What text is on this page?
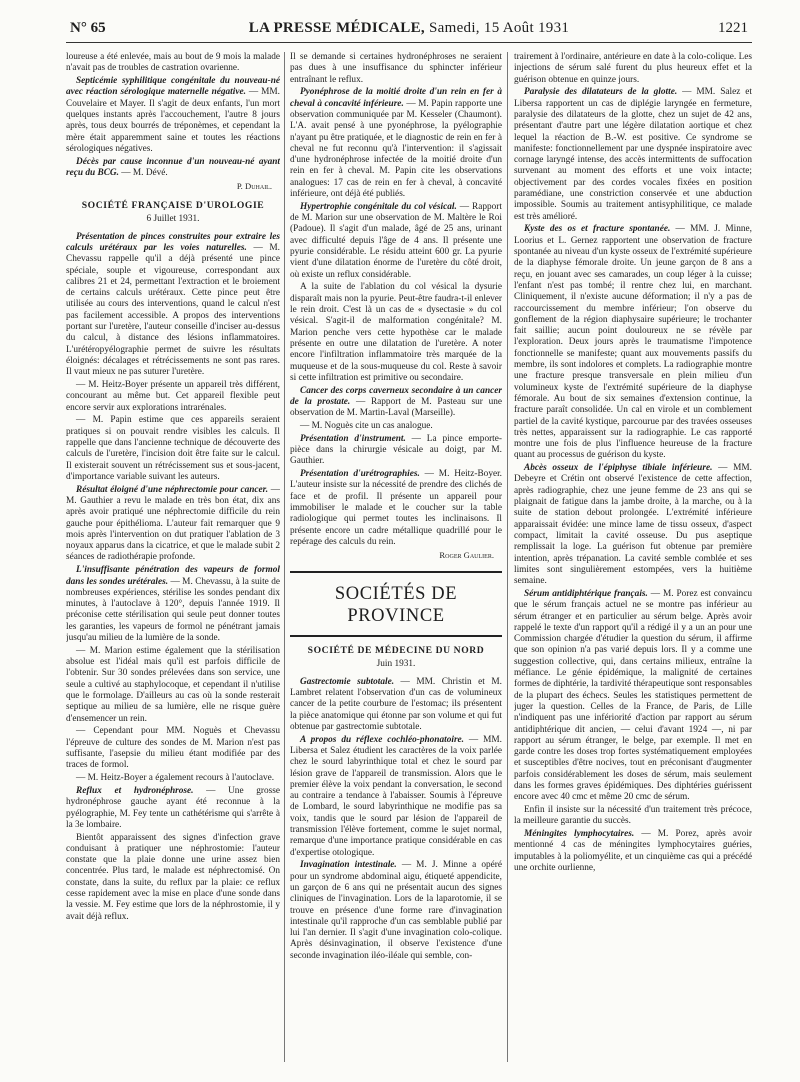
N° 65	LA PRESSE MÉDICALE, Samedi, 15 Août 1931	1221

loureuse a été enlevée, mais au bout de 9 mois la malade n'avait pas de troubles de castration ovarienne.

Septicémie syphilitique congénitale du nouveau-né avec réaction sérologique maternelle négative. — MM. Couvelaire et Mayer. Il s'agit de deux enfants, l'un mort quelques instants après l'accouchement, l'autre 8 jours après, tous deux bourrés de tréponèmes, et cependant la mère était apparemment saine et toutes les réactions sérologiques négatives.

Décès par cause inconnue d'un nouveau-né ayant reçu du BCG. — M. Dévé.

P. Duhail.
SOCIÉTÉ FRANÇAISE D'UROLOGIE
6 Juillet 1931.

Présentation de pinces construites pour extraire les calculs urétéraux par les voies naturelles. — M. Chevassu rappelle qu'il a déjà présenté une pince spéciale, souple et vigoureuse, correspondant aux calibres 21 et 24, permettant l'extraction et le broiement de certains calculs urétéraux. Cette pince peut être utilisée au cours des interventions, quand le calcul n'est pas facilement accessible. A propos des interventions portant sur l'uretère, l'auteur conseille d'inciser au-dessus du calcul, à distance des lésions inflammatoires. L'urétéropyélographie permet de suivre les résultats éloignés: décalages et rétrécissements ne sont pas rares. Il vaut mieux ne pas suturer l'uretère.

— M. Heitz-Boyer présente un appareil très différent, concourant au même but. Cet appareil flexible peut encore servir aux explorations intrarénales.

— M. Papin estime que ces appareils seraient pratiques si on pouvait rendre visibles les calculs. Il rappelle que dans l'ancienne technique de découverte des calculs de l'uretère, l'incision doit être faite sur le calcul. Il existerait souvent un rétrécissement sus et sous-jacent, d'importance variable suivant les auteurs.

Résultat éloigné d'une néphrectomie pour cancer. — M. Gauthier a revu le malade en très bon état, dix ans après avoir pratiqué une néphrectomie difficile du rein gauche pour épithélioma. L'auteur fait remarquer que 9 mois après l'intervention on dut pratiquer l'ablation de 3 noyaux apparus dans la cicatrice, et que le malade subit 2 séances de radiothérapie profonde.

L'insuffisante pénétration des vapeurs de formol dans les sondes urétérales. — M. Chevassu, à la suite de nombreuses expériences, stérilise les sondes pendant dix minutes, à l'autoclave à 120°, depuis l'année 1919. Il préconise cette stérilisation qui seule peut donner toutes les garanties, les vapeurs de formol ne pénétrant jamais jusqu'au milieu de la lumière de la sonde.

— M. Marion estime également que la stérilisation absolue est l'idéal mais qu'il est parfois difficile de l'obtenir. Sur 30 sondes prélevées dans son service, une seule a cultivé au staphylocoque, et cependant il n'utilise que le formolage. D'ailleurs au cas où la sonde resterait septique au milieu de sa lumière, elle ne risque guère d'ensemencer un rein.

— Cependant pour MM. Noguès et Chevassu l'épreuve de culture des sondes de M. Marion n'est pas suffisante, l'asepsie du milieu étant modifiée par des traces de formol.

— M. Heitz-Boyer a également recours à l'autoclave.

Reflux et hydronéphrose. — Une grosse hydronéphrose gauche ayant été reconnue à la pyélographie, M. Fey tente un cathétérisme qui s'arrête à la 3e lombaire.

Bientôt apparaissent des signes d'infection grave conduisant à pratiquer une néphrostomie: l'auteur constate que la plaie donne une urine assez bien concentrée. Plus tard, le malade est néphrectomisé. On constate, dans la suite, du reflux par la plaie: ce reflux cesse rapidement avec la mise en place d'une sonde dans la vessie. M. Fey estime que lors de la néphrostomie, il y avait déjà reflux.

Il se demande si certaines hydronéphroses ne seraient pas dues à une insuffisance du sphincter inférieur entraînant le reflux.

Pyonéphrose de la moitié droite d'un rein en fer à cheval à concavité inférieure. — M. Papin rapporte une observation communiquée par M. Kesseler (Chaumont). L'A. avait pensé à une pyonéphrose, la pyélographie n'ayant pu être pratiquée, et le diagnostic de rein en fer à cheval ne fut reconnu qu'à l'intervention: il s'agissait d'une hydronéphrose infectée de la moitié droite d'un rein en fer à cheval. M. Papin cite les observations analogues: 17 cas de rein en fer à cheval, à concavité inférieure, ont déjà été publiés.

Hypertrophie congénitale du col vésical. — Rapport de M. Marion sur une observation de M. Maltère le Roi (Padoue). Il s'agit d'un malade, âgé de 25 ans, urinant avec difficulté depuis l'âge de 4 ans. Il présente une pyurie considérable. Le résidu atteint 600 gr. La pyurie vient d'une dilatation énorme de l'uretère du côté droit, où existe un reflux considérable.

A la suite de l'ablation du col vésical la dysurie disparaît mais non la pyurie. Peut-être faudra-t-il enlever le rein droit. C'est là un cas de « dysectasie » du col vésical. S'agit-il de malformation congénitale? M. Marion penche vers cette hypothèse car le malade présente en outre une dilatation de l'uretère. A noter encore l'infiltration inflammatoire très marquée de la muqueuse et de la sous-muqueuse du col. Reste à savoir si cette infiltration est primitive ou secondaire.

Cancer des corps caverneux secondaire à un cancer de la prostate. — Rapport de M. Pasteau sur une observation de M. Martin-Laval (Marseille).

— M. Noguès cite un cas analogue.

Présentation d'instrument. — La pince emporte-pièce dans la chirurgie vésicale au doigt, par M. Gauthier.

Présentation d'urétrographies. — M. Heitz-Boyer. L'auteur insiste sur la nécessité de prendre des clichés de face et de profil. Il présente un appareil pour immobiliser le malade et le coucher sur la table radiologique qui permet toutes les inclinaisons. Il présente encore un cadre métallique quadrillé pour le repérage des calculs du rein.

Roger Gaulier.
SOCIÉTÉS DE PROVINCE
SOCIÉTÉ DE MÉDECINE DU NORD
Juin 1931.

Gastrectomie subtotale. — MM. Christin et M. Lambret relatent l'observation d'un cas de volumineux cancer de la petite courbure de l'estomac; ils présentent la pièce anatomique qui étonne par son volume et qui fut obtenue par gastrectomie subtotale.

A propos du réflexe cochléo-phonatoire. — MM. Libersa et Salez étudient les caractères de la voix parlée chez le sourd labyrinthique total et chez le sourd par lésion grave de l'appareil de transmission. Alors que le premier élève la voix pendant la conversation, le second au contraire a tendance à l'abaisser. Soumis à l'épreuve de Lombard, le sourd labyrinthique ne modifie pas sa voix, tandis que le sourd par lésion de l'appareil de transmission l'élève fortement, comme le sujet normal, remarque d'une importance pratique considérable en cas d'expertise otologique.

Invagination intestinale. — M. J. Minne a opéré pour un syndrome abdominal aigu, étiqueté appendicite, un garçon de 6 ans qui ne présentait aucun des signes cliniques de l'invagination. Lors de la laparotomie, il se trouve en présence d'une forme rare d'invagination intestinale qu'il rapproche d'un cas semblable publié par lui l'an dernier. Il s'agit d'une invagination colo-colique. Après désinvagination, il observe l'existence d'une seconde invagination iléo-iléale qui semble, con-

trairement à l'ordinaire, antérieure en date à la colo-colique. Les injections de sérum salé furent du plus heureux effet et la guérison obtenue en quinze jours.

Paralysie des dilatateurs de la glotte. — MM. Salez et Libersa rapportent un cas de diplégie laryngée en fermeture, paralysie des dilatateurs de la glotte, chez un sujet de 42 ans, présentant d'autre part une légère dilatation aortique et chez lequel la réaction de B.-W. est positive. Ce syndrome se manifeste: fonctionnellement par une dyspnée inspiratoire avec cornage laryngé intense, des accès intermittents de suffocation survenant au moment des efforts et une voix intacte; objectivement par des cordes vocales fixées en position paramédiane, une constriction conservée et une abduction impossible. Soumis au traitement antisyphilitique, ce malade est très amélioré.

Kyste des os et fracture spontanée. — MM. J. Minne, Loorius et L. Gernez rapportent une observation de fracture spontanée au niveau d'un kyste osseux de l'extrémité supérieure de la diaphyse fémorale droite. Un jeune garçon de 8 ans a reçu, en jouant avec ses camarades, un coup léger à la cuisse; l'enfant n'est pas tombé; il rentre chez lui, en marchant. Cliniquement, il n'existe aucune déformation; il n'y a pas de raccourcissement du membre inférieur; l'on observe du gonflement de la région diaphysaire supérieure; le trochanter fait saillie; aucun point douloureux ne se révèle par l'exploration. Deux jours après le traumatisme l'impotence fonctionnelle se manifeste; quant aux mouvements passifs du membre, ils sont indolores et complets. La radiographie montre une fracture presque transversale en plein milieu d'un volumineux kyste de l'extrémité supérieure de la diaphyse fémorale. Au bout de six semaines d'extension continue, la fracture paraît consolidée. Un cal en virole et un comblement partiel de la cavité kystique, parcourue par des travées osseuses très nettes, apparaissent sur la radiographie. Le cas rapporté montre une fois de plus l'influence heureuse de la fracture quant au processus de guérison du kyste.

Abcès osseux de l'épiphyse tibiale inférieure. — MM. Debeyre et Crétin ont observé l'existence de cette affection, après radiographie, chez une jeune femme de 23 ans qui se plaignait de fatigue dans la jambe droite, à la marche, ou à la suite de station debout prolongée. L'extrémité inférieure apparaissait évidée: une mince lame de tissu osseux, d'aspect compact, limitait la cavité osseuse. Du pus aseptique remplissait la loge. La guérison fut obtenue par première intention, après trépanation. La cavité semble comblée et ses limites sont singulièrement estompées, vers la huitième semaine.

Sérum antidiphtérique français. — M. Porez est convaincu que le sérum français actuel ne se montre pas inférieur au sérum étranger et en particulier au sérum belge. Après avoir rappelé le texte d'un rapport qu'il a rédigé il y a un an pour une Commission chargée d'étudier la question du sérum, il affirme que son opinion n'a pas varié depuis lors. Il y a comme une suggestion collective, qui, dans certains milieux, entraîne la méfiance. Le génie épidémique, la malignité de certaines formes de diphtérie, la tardivité thérapeutique sont responsables de la plupart des échecs. Seules les statistiques permettent de juger la question. Celles de la France, de Paris, de Lille n'indiquent pas une infériorité d'action par rapport au sérum antidiphtérique dit ancien, — celui d'avant 1924 —, ni par rapport au sérum étranger, le belge, par exemple. Il met en garde contre les doses trop fortes systématiquement employées et susceptibles d'être nocives, tout en préconisant d'augmenter parfois considérablement les doses de sérum, mais seulement dans les formes graves épidémiques. Des diphtéries guérissent encore avec 40 cmc et même 20 cmc de sérum.

Enfin il insiste sur la nécessité d'un traitement très précoce, la meilleure garantie du succès.

Méningites lymphocytaires. — M. Porez, après avoir mentionné 4 cas de méningites lymphocytaires guéries, imputables à la poliomyélite, et un cinquième cas qui a précédé une orchite ourlienne,
